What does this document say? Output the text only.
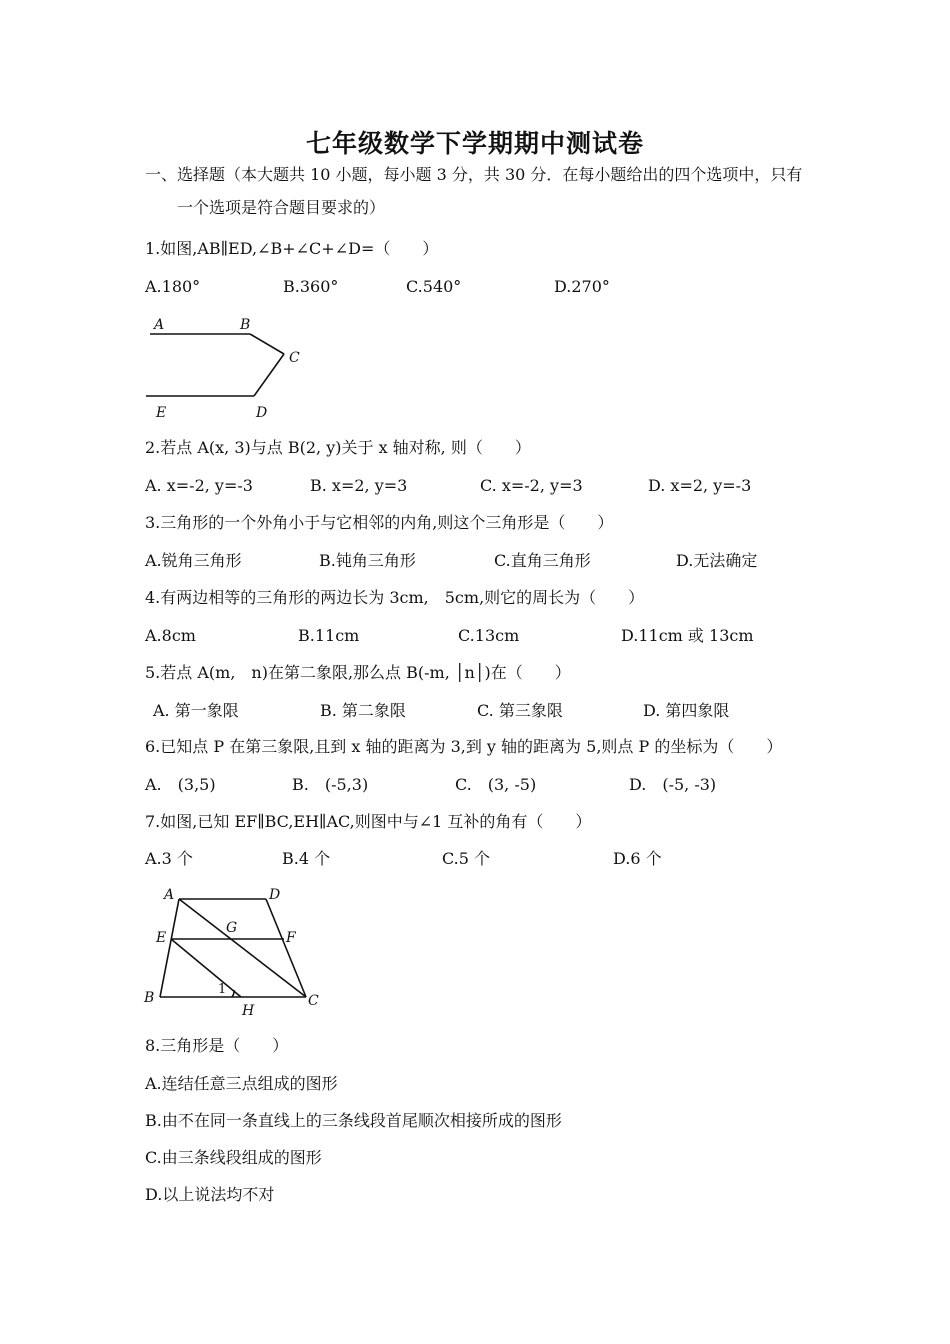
七年级数学下学期期中测试卷
一、选择题（本大题共 10 小题，每小题 3 分，共 30 分．在每小题给出的四个选项中，只有
一个选项是符合题目要求的）
1.如图,AB∥ED,∠B+∠C+∠D=（　　）
A.180°	B.360°	C.540°	D.270°
A	B
C
E	D
2.若点 A(x, 3)与点 B(2, y)关于 x 轴对称, 则（　　）
A. x=-2, y=-3	B. x=2, y=3	C. x=-2, y=3	D. x=2, y=-3
3.三角形的一个外角小于与它相邻的内角,则这个三角形是（　　）
A.锐角三角形	B.钝角三角形	C.直角三角形	D.无法确定
4.有两边相等的三角形的两边长为 3cm,　5cm,则它的周长为（　　）
A.8cm	B.11cm	C.13cm	D.11cm 或 13cm
5.若点 A(m,　n)在第二象限,那么点 B(-m, │n│)在（　　）
A. 第一象限	B. 第二象限	C. 第三象限	D. 第四象限
6.已知点 P 在第三象限,且到 x 轴的距离为 3,到 y 轴的距离为 5,则点 P 的坐标为（　　）
A.　(3,5)	B.　(-5,3)	C.　(3, -5)	D.　(-5, -3)
7.如图,已知 EF∥BC,EH∥AC,则图中与∠1 互补的角有（　　）
A.3 个	B.4 个	C.5 个	D.6 个
A	D
G
E	F
B
1
H
C
8.三角形是（　　）
A.连结任意三点组成的图形
B.由不在同一条直线上的三条线段首尾顺次相接所成的图形
C.由三条线段组成的图形
D.以上说法均不对
